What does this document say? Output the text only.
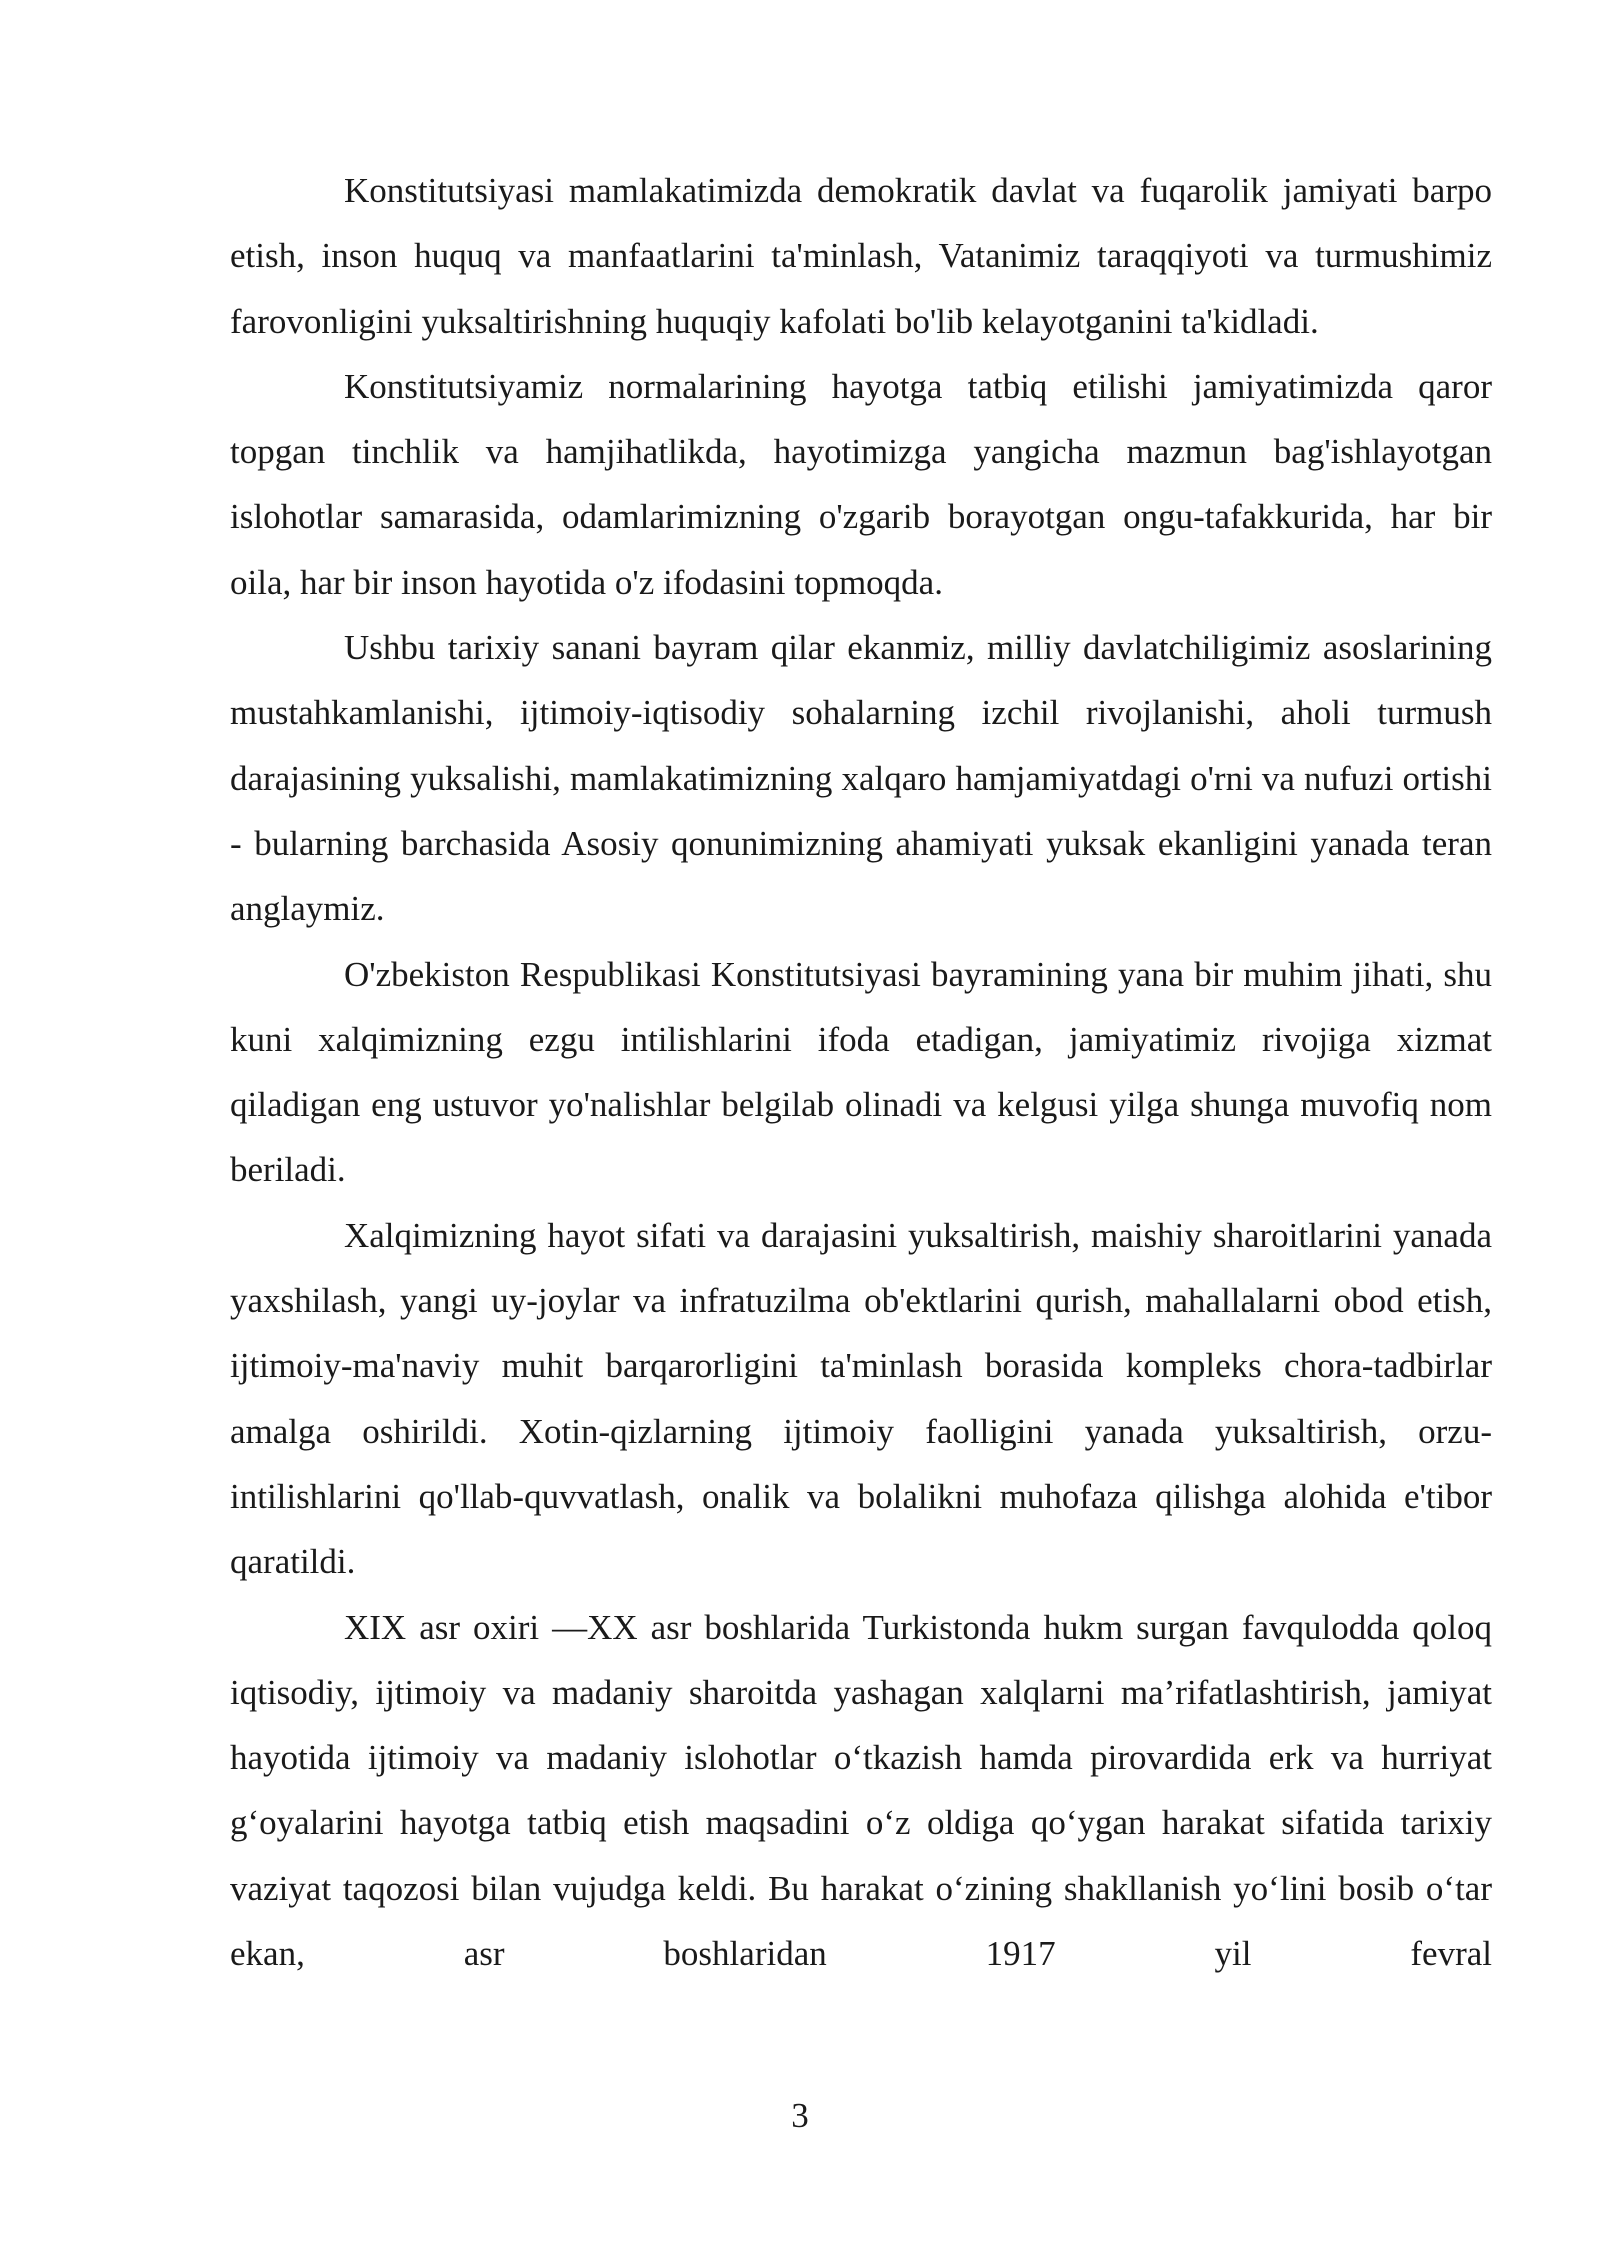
Konstitutsiyasi mamlakatimizda demokratik davlat va fuqarolik jamiyati barpo etish, inson huquq va manfaatlarini ta'minlash, Vatanimiz taraqqiyoti va turmushimiz farovonligini yuksaltirishning huquqiy kafolati bo'lib kelayotganini ta'kidladi.

Konstitutsiyamiz normalarining hayotga tatbiq etilishi jamiyatimizda qaror topgan tinchlik va hamjihatlikda, hayotimizga yangicha mazmun bag'ishlayotgan islohotlar samarasida, odamlarimizning o'zgarib borayotgan ongu-tafakkurida, har bir oila, har bir inson hayotida o'z ifodasini topmoqda.

Ushbu tarixiy sanani bayram qilar ekanmiz, milliy davlatchiligimiz asoslarining mustahkamlanishi, ijtimoiy-iqtisodiy sohalarning izchil rivojlanishi, aholi turmush darajasining yuksalishi, mamlakatimizning xalqaro hamjamiyatdagi o'rni va nufuzi ortishi - bularning barchasida Asosiy qonunimizning ahamiyati yuksak ekanligini yanada teran anglaymiz.

O'zbekiston Respublikasi Konstitutsiyasi bayramining yana bir muhim jihati, shu kuni xalqimizning ezgu intilishlarini ifoda etadigan, jamiyatimiz rivojiga xizmat qiladigan eng ustuvor yo'nalishlar belgilab olinadi va kelgusi yilga shunga muvofiq nom beriladi.

Xalqimizning hayot sifati va darajasini yuksaltirish, maishiy sharoitlarini yanada yaxshilash, yangi uy-joylar va infratuzilma ob'ektlarini qurish, mahallalarni obod etish, ijtimoiy-ma'naviy muhit barqarorligini ta'minlash borasida kompleks chora-tadbirlar amalga oshirildi. Xotin-qizlarning ijtimoiy faolligini yanada yuksaltirish, orzu-intilishlarini qo'llab-quvvatlash, onalik va bolalikni muhofaza qilishga alohida e'tibor qaratildi.

XIX asr oxiri —XX asr boshlarida Turkistonda hukm surgan favqulodda qoloq iqtisodiy, ijtimoiy va madaniy sharoitda yashagan xalqlarni ma’rifatlashtirish, jamiyat hayotida ijtimoiy va madaniy islohotlar o‘tkazish hamda pirovardida erk va hurriyat g‘oyalarini hayotga tatbiq etish maqsadini o‘z oldiga qo‘ygan harakat sifatida tarixiy vaziyat taqozosi bilan vujudga keldi. Bu harakat o‘zining shakllanish yo‘lini bosib o‘tar ekan, asr boshlaridan 1917 yil fevral

3
